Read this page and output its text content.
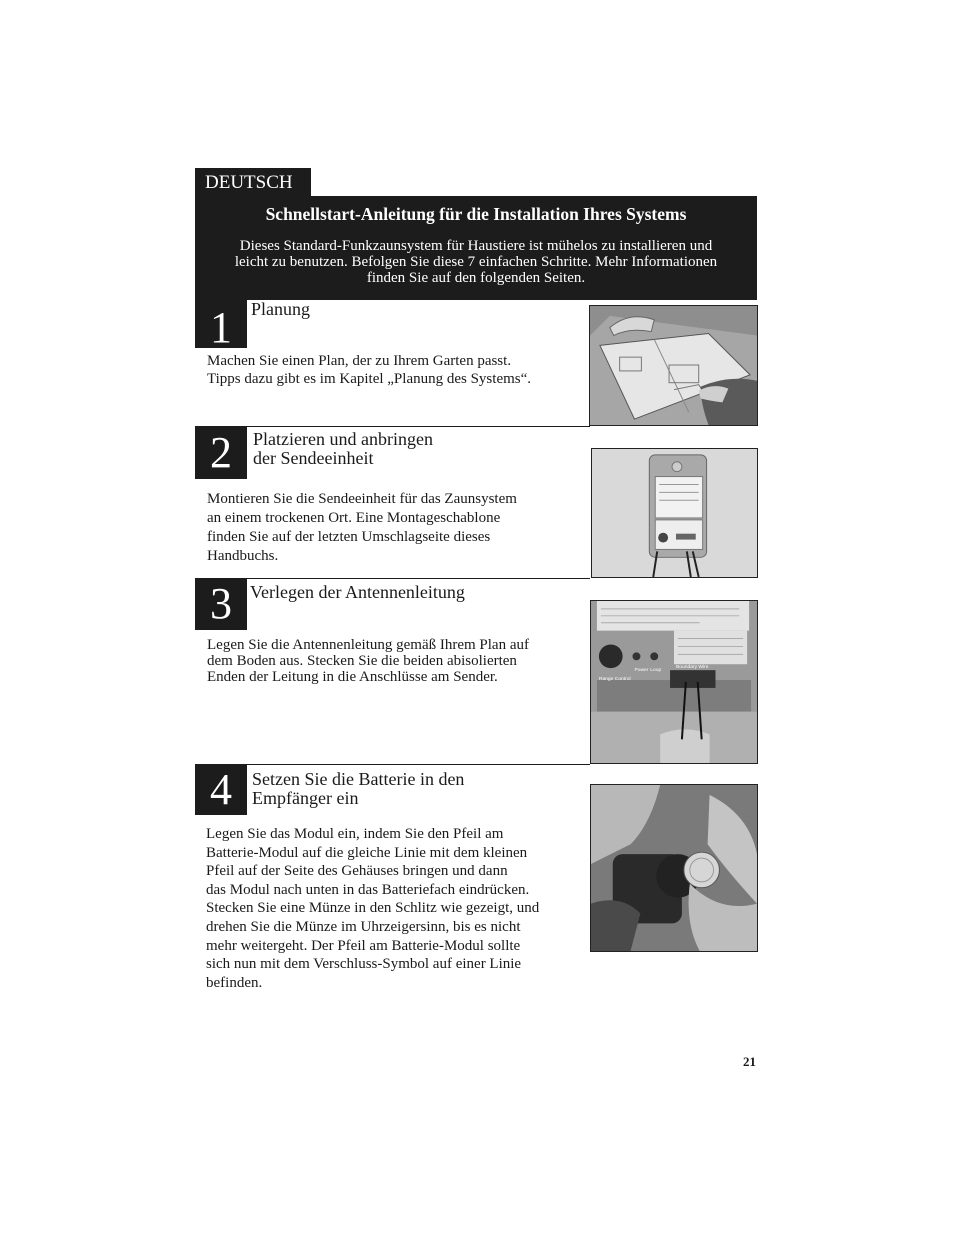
DEUTSCH
Schnellstart-Anleitung für die Installation Ihres Systems
Dieses Standard-Funkzaunsystem für Haustiere ist mühelos zu installieren und
leicht zu benutzen. Befolgen Sie diese 7 einfachen Schritte. Mehr Informationen
finden Sie auf den folgenden Seiten.
1	Planung
Machen Sie einen Plan, der zu Ihrem Garten passt.
Tipps dazu gibt es im Kapitel „Planung des Systems“.
2	Platzieren und anbringen
der Sendeeinheit
Montieren Sie die Sendeeinheit für das Zaunsystem
an einem trockenen Ort. Eine Montageschablone
finden Sie auf der letzten Umschlagseite dieses
Handbuchs.
3	Verlegen der Antennenleitung
Legen Sie die Antennenleitung gemäß Ihrem Plan auf
dem Boden aus. Stecken Sie die beiden abisolierten
Enden der Leitung in die Anschlüsse am Sender.	Power Loop
Range Control
Boundary Wire
4	Setzen Sie die Batterie in den
Empfänger ein
Legen Sie das Modul ein, indem Sie den Pfeil am
Batterie-Modul auf die gleiche Linie mit dem kleinen
Pfeil auf der Seite des Gehäuses bringen und dann
das Modul nach unten in das Batteriefach eindrücken.
Stecken Sie eine Münze in den Schlitz wie gezeigt, und
drehen Sie die Münze im Uhrzeigersinn, bis es nicht
mehr weitergeht. Der Pfeil am Batterie-Modul sollte
sich nun mit dem Verschluss-Symbol auf einer Linie
befinden.
21
